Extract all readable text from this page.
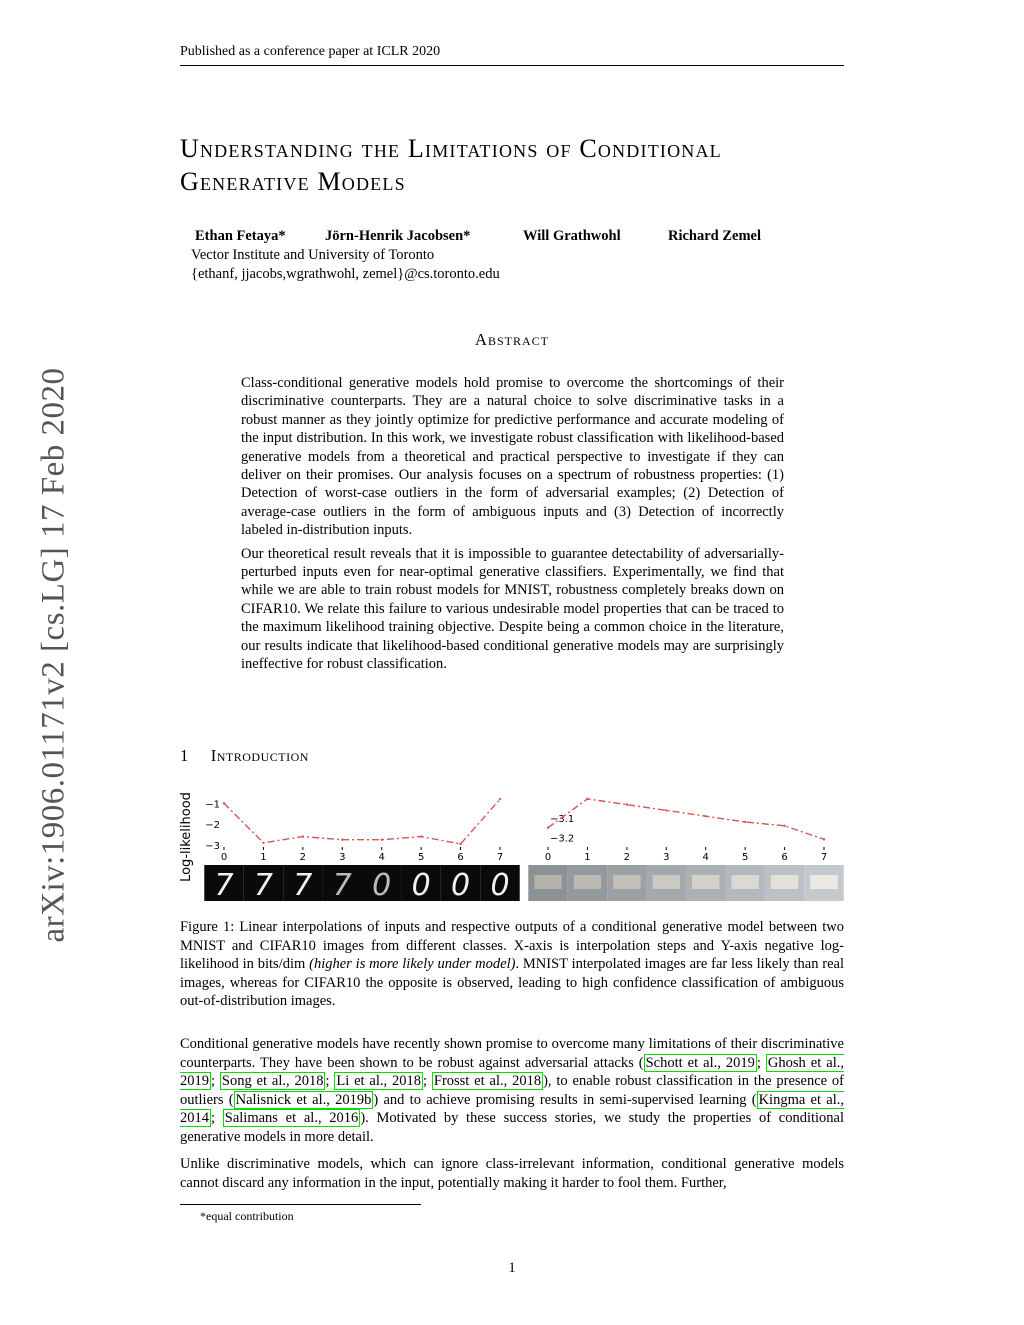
Published as a conference paper at ICLR 2020
arXiv:1906.01171v2 [cs.LG] 17 Feb 2020
Understanding the Limitations of Conditional
Generative Models
Ethan Fetaya*	Jörn-Henrik Jacobsen*	Will Grathwohl	Richard Zemel
Vector Institute and University of Toronto
{ethanf, jjacobs,wgrathwohl, zemel}@cs.toronto.edu
Abstract

Class-conditional generative models hold promise to overcome the shortcomings of their discriminative counterparts. They are a natural choice to solve discriminative tasks in a robust manner as they jointly optimize for predictive performance and accurate modeling of the input distribution. In this work, we investigate robust classification with likelihood-based generative models from a theoretical and practical perspective to investigate if they can deliver on their promises. Our analysis focuses on a spectrum of robustness properties: (1) Detection of worst-case outliers in the form of adversarial examples; (2) Detection of average-case outliers in the form of ambiguous inputs and (3) Detection of incorrectly labeled in-distribution inputs.

Our theoretical result reveals that it is impossible to guarantee detectability of adversarially-perturbed inputs even for near-optimal generative classifiers. Experimentally, we find that while we are able to train robust models for MNIST, robustness completely breaks down on CIFAR10. We relate this failure to various undesirable model properties that can be traced to the maximum likelihood training objective. Despite being a common choice in the literature, our results indicate that likelihood-based conditional generative models may are surprisingly ineffective for robust classification.

1 Introduction
Log-likelihood −1
−2
−3
0	1	2	3	4	5	6	7
7 7 7 7 0 0 0 0
−3.1
−3.2
0	1	2	3	4	5	6	7
Figure 1: Linear interpolations of inputs and respective outputs of a conditional generative model between two MNIST and CIFAR10 images from different classes. X-axis is interpolation steps and Y-axis negative log-likelihood in bits/dim (higher is more likely under model). MNIST interpolated images are far less likely than real images, whereas for CIFAR10 the opposite is observed, leading to high confidence classification of ambiguous out-of-distribution images.

Conditional generative models have recently shown promise to overcome many limitations of their discriminative counterparts. They have been shown to be robust against adversarial attacks ( Schott et al., 2019 ; Ghosh et al., 2019 ; Song et al., 2018 ; Li et al., 2018 ; Frosst et al., 2018 ), to enable robust classification in the presence of outliers ( Nalisnick et al., 2019b ) and to achieve promising results in semi-supervised learning ( Kingma et al., 2014 ; Salimans et al., 2016 ). Motivated by these success stories, we study the properties of conditional generative models in more detail.

Unlike discriminative models, which can ignore class-irrelevant information, conditional generative models cannot discard any information in the input, potentially making it harder to fool them. Further,

*equal contribution
1
